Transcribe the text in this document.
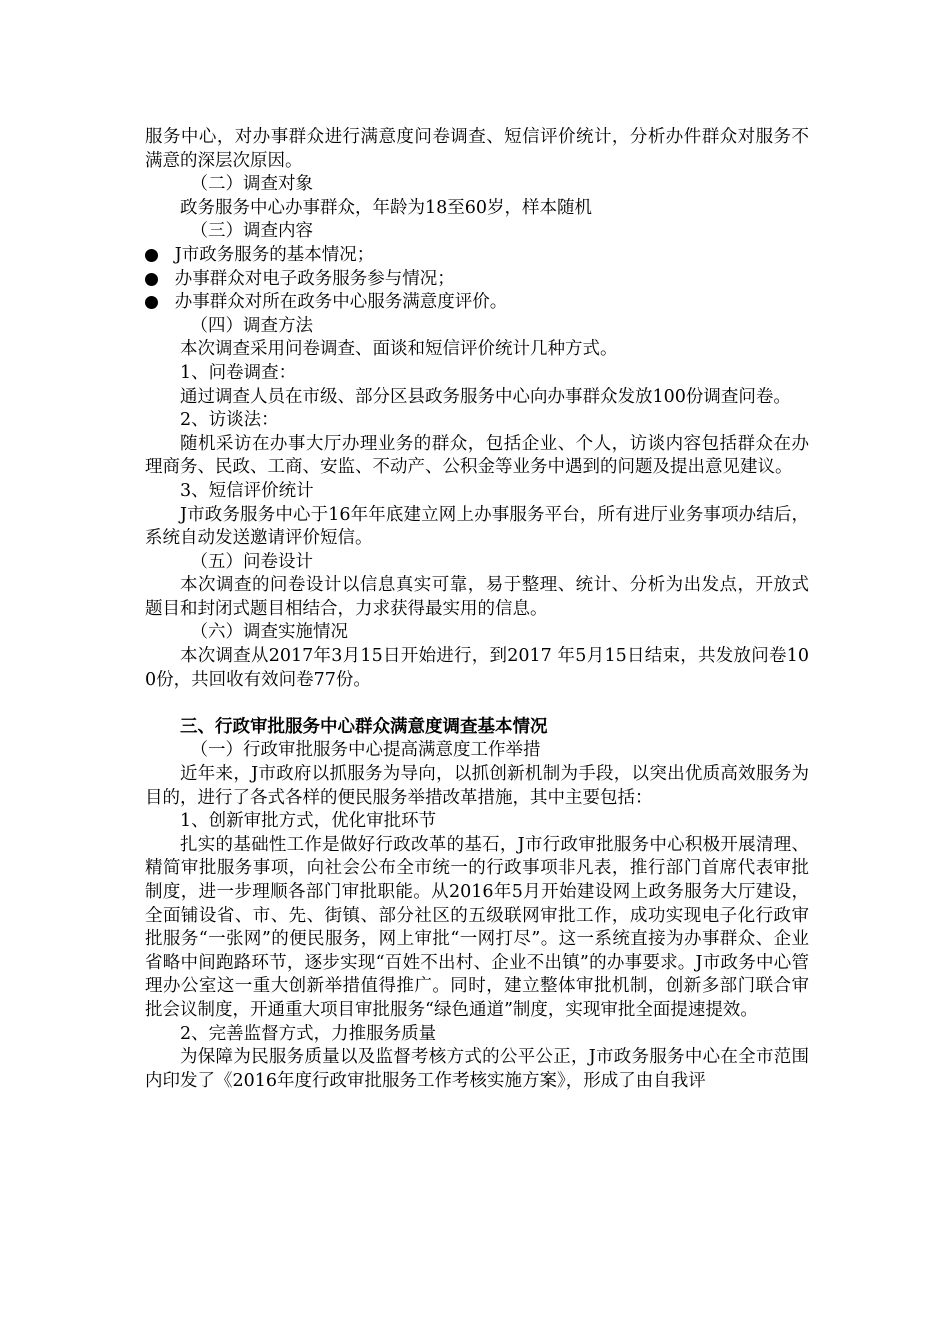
服务中心，对办事群众进行满意度问卷调查、短信评价统计，分析办件群众对服务不满意的深层次原因。

（二）调查对象

政务服务中心办事群众，年龄为18至60岁，样本随机

（三）调查内容

J市政务服务的基本情况；

办事群众对电子政务服务参与情况；

办事群众对所在政务中心服务满意度评价。

（四）调查方法

本次调查采用问卷调查、面谈和短信评价统计几种方式。

1、问卷调查：

通过调查人员在市级、部分区县政务服务中心向办事群众发放100份调查问卷。

2、访谈法：

随机采访在办事大厅办理业务的群众，包括企业、个人，访谈内容包括群众在办理商务、民政、工商、安监、不动产、公积金等业务中遇到的问题及提出意见建议。

3、短信评价统计

J市政务服务中心于16年年底建立网上办事服务平台，所有进厅业务事项办结后，系统自动发送邀请评价短信。

（五）问卷设计

本次调查的问卷设计以信息真实可靠，易于整理、统计、分析为出发点，开放式题目和封闭式题目相结合，力求获得最实用的信息。

（六）调查实施情况

本次调查从2017年3月15日开始进行，到2017 年5月15日结束，共发放问卷100份，共回收有效问卷77份。

三、行政审批服务中心群众满意度调查基本情况

（一）行政审批服务中心提高满意度工作举措

近年来，J市政府以抓服务为导向，以抓创新机制为手段，以突出优质高效服务为目的，进行了各式各样的便民服务举措改革措施，其中主要包括：

1、创新审批方式，优化审批环节

扎实的基础性工作是做好行政改革的基石，J市行政审批服务中心积极开展清理、精简审批服务事项，向社会公布全市统一的行政事项非凡表，推行部门首席代表审批制度，进一步理顺各部门审批职能。从2016年5月开始建设网上政务服务大厅建设，全面铺设省、市、先、街镇、部分社区的五级联网审批工作，成功实现电子化行政审批服务“一张网”的便民服务，网上审批“一网打尽”。这一系统直接为办事群众、企业省略中间跑路环节，逐步实现“百姓不出村、企业不出镇”的办事要求。J市政务中心管理办公室这一重大创新举措值得推广。同时，建立整体审批机制，创新多部门联合审批会议制度，开通重大项目审批服务“绿色通道”制度，实现审批全面提速提效。

2、完善监督方式，力推服务质量

为保障为民服务质量以及监督考核方式的公平公正，J市政务服务中心在全市范围内印发了《2016年度行政审批服务工作考核实施方案》，形成了由自我评
